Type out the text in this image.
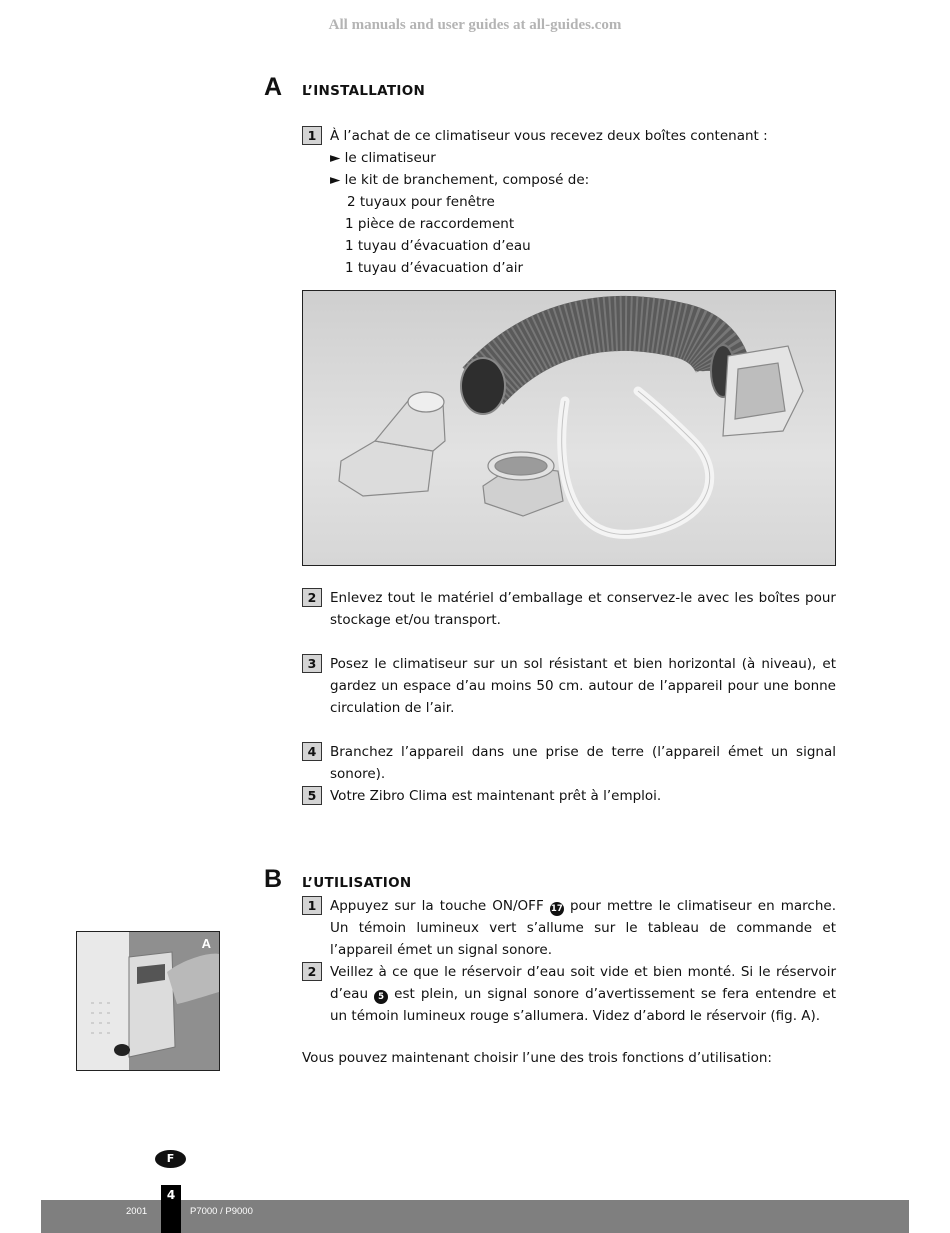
All manuals and user guides at all-guides.com
A L’INSTALLATION
1	À l’achat de ce climatiseur vous recevez deux boîtes contenant :
► le climatiseur
► le kit de branchement, composé de:
2 tuyaux pour fenêtre
1 pièce de raccordement
1 tuyau d’évacuation d’eau
1 tuyau d’évacuation d’air
2	Enlevez tout le matériel d’emballage et conservez-le avec les boîtes pour stockage et/ou transport.
3	Posez le climatiseur sur un sol résistant et bien horizontal (à niveau), et gardez un espace d’au moins 50 cm. autour de l’appareil pour une bonne circulation de l’air.
4	Branchez l’appareil dans une prise de terre (l’appareil émet un signal sonore).
5	Votre Zibro Clima est maintenant prêt à l’emploi.
B L’UTILISATION
1	Appuyez sur la touche ON/OFF 17 pour mettre le climatiseur en marche. Un témoin lumineux vert s’allume sur le tableau de commande et l’appareil émet un signal sonore.
2	Veillez à ce que le réservoir d’eau soit vide et bien monté. Si le réservoir d’eau 5 est plein, un signal sonore d’avertissement se fera entendre et un témoin lumineux rouge s’allumera. Videz d’abord le réservoir (fig. A).
Vous pouvez maintenant choisir l’une des trois fonctions d’utilisation:
A
F
4
2001	P7000 / P9000
